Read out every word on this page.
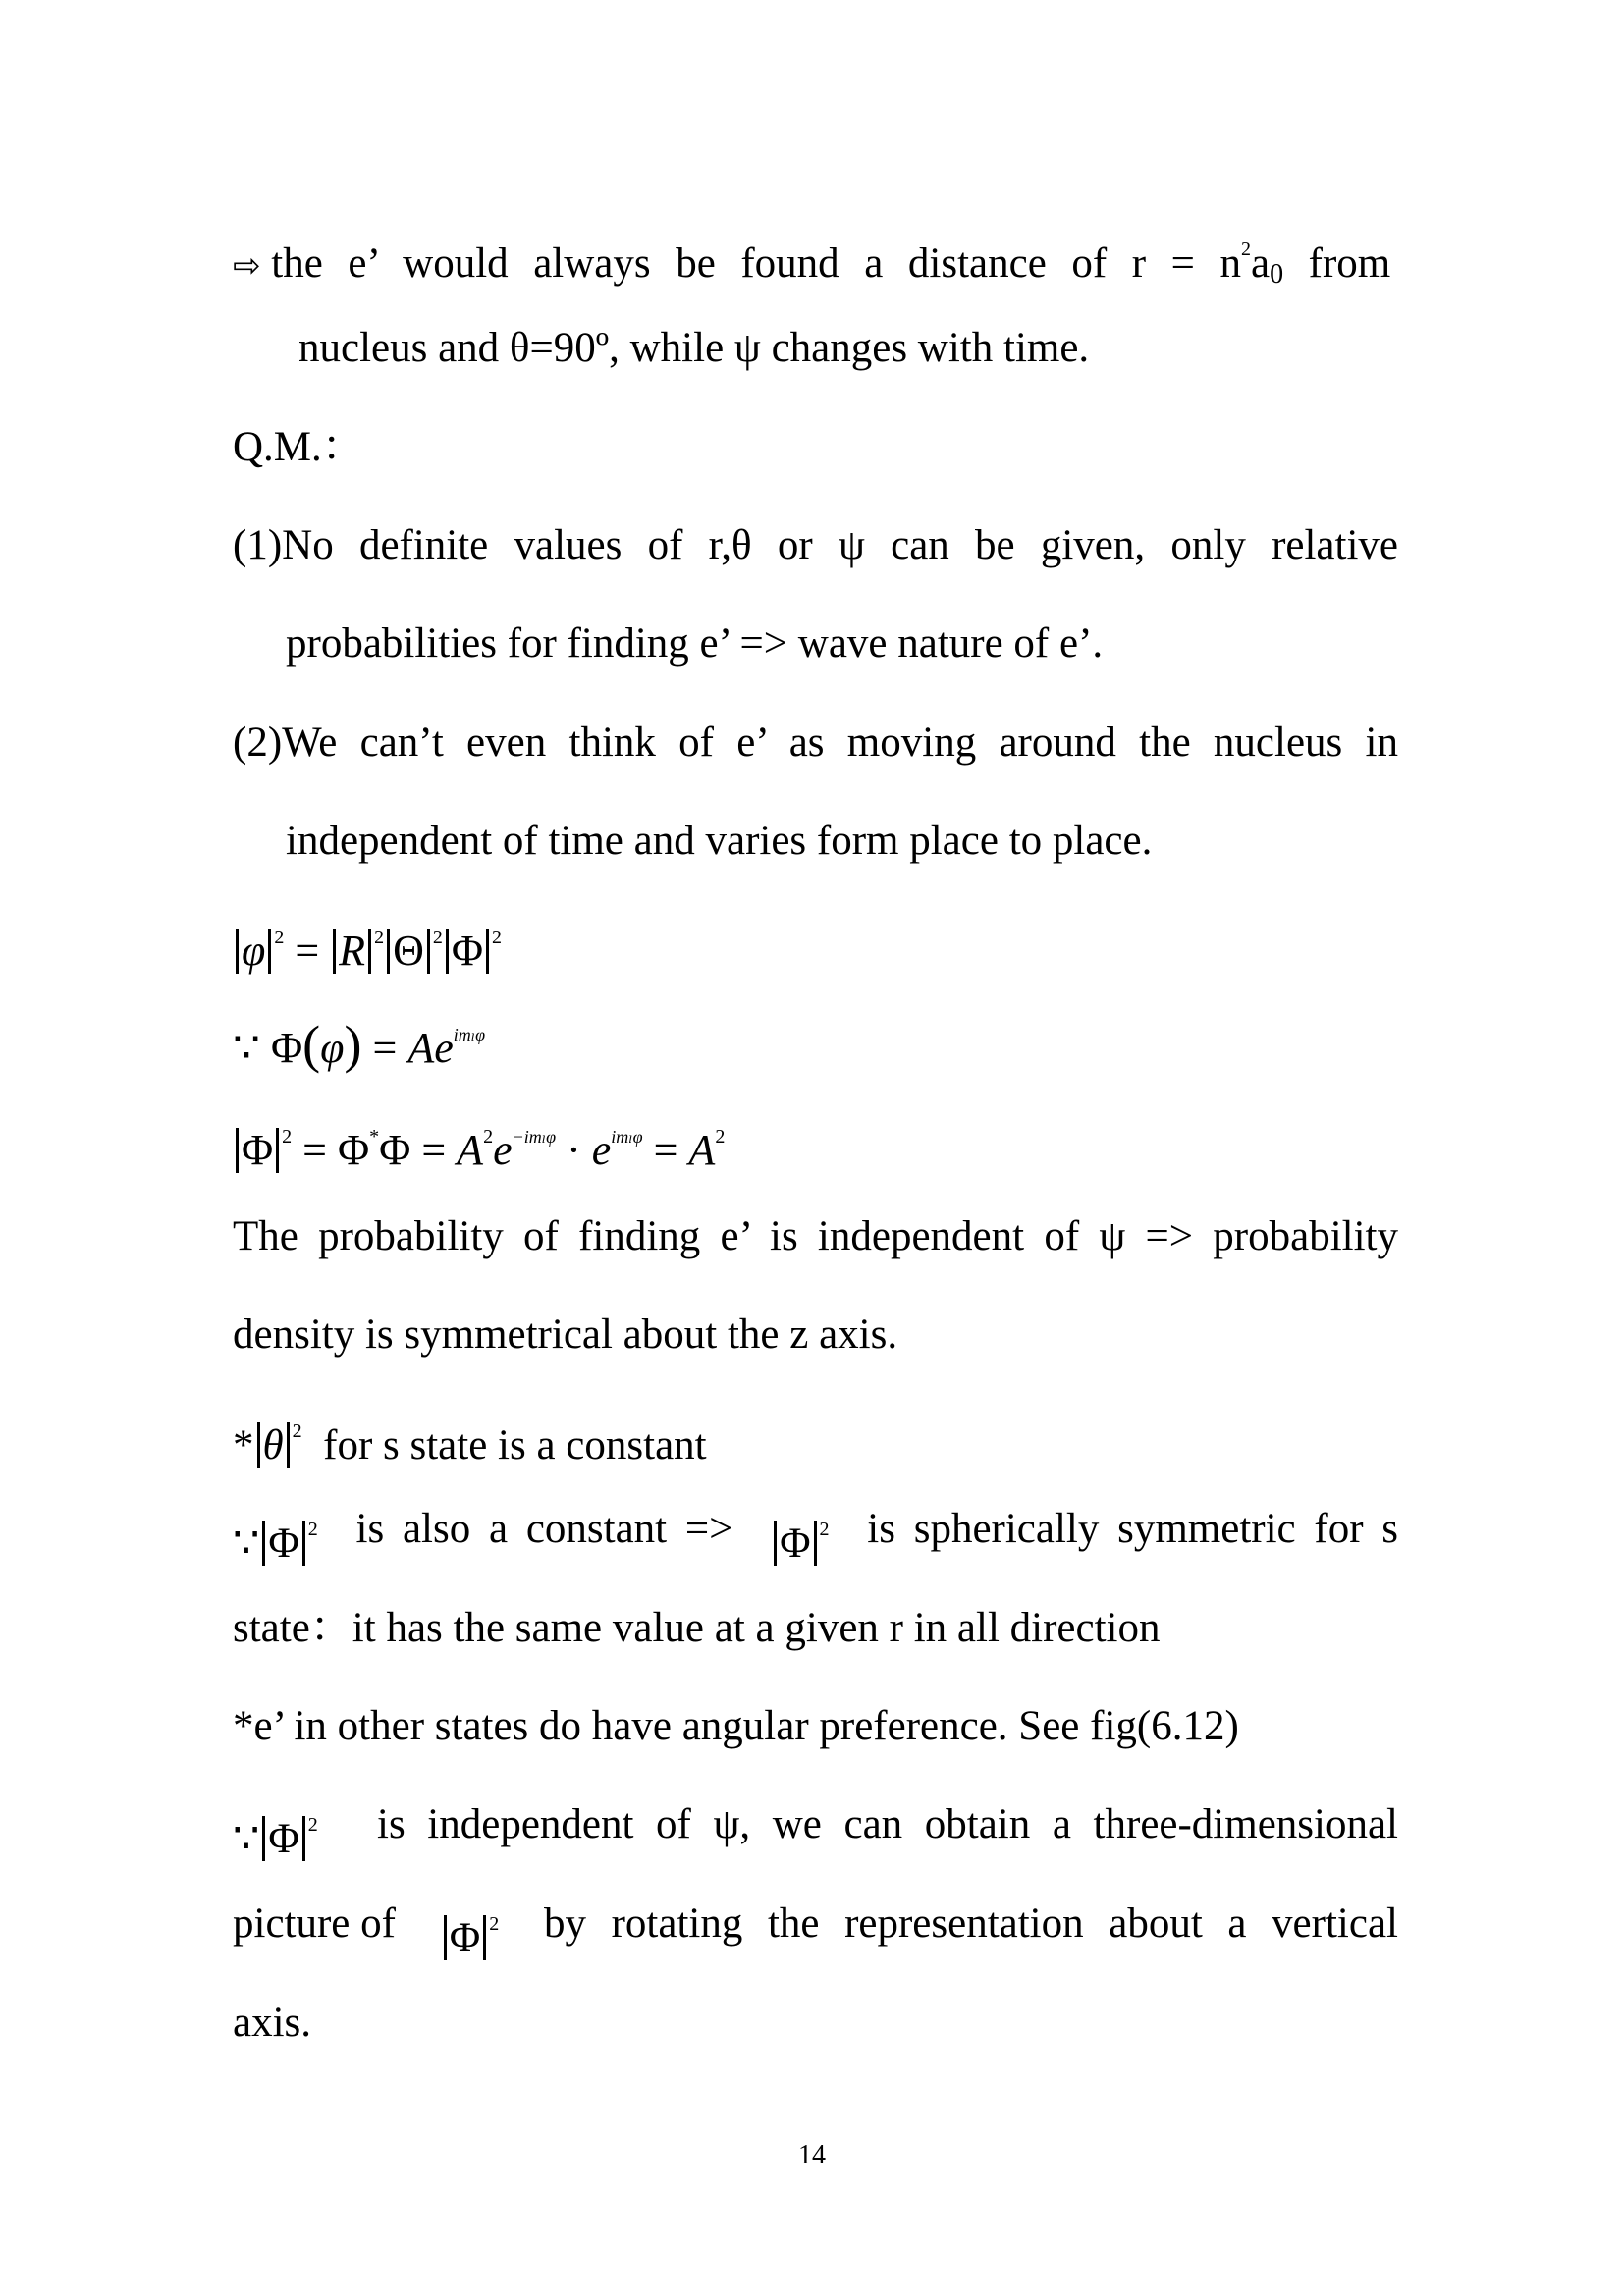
⇨ the e’ would always be found a distance of $r = n^2a0$ from
nucleus and θ=90º, while ψ changes with time.
Q.M.：
(1)No definite values of r,θ or ψ can be given, only relative
probabilities for finding e’ => wave nature of e’.
(2)We can’t even think of e’ as moving around the nucleus in
independent of time and varies form place to place.
φ $^2$ = R $^2$ Θ $^2$ Φ $^2$
∵ $\Phi(\varphi) = Ae^{im_l\varphi}$
Φ $^2 = \Phi^*\Phi = A^2e^{-im_l\varphi} \cdot e^{im_l\varphi} = A^2$
The probability of finding e’ is independent of ψ => probability
density is symmetrical about the z axis.
* θ $^2$ for s state is a constant
∵ Φ $^2$ is also a constant => Φ $^2$ is spherically symmetric for s
state：it has the same value at a given r in all direction
*e’ in other states do have angular preference. See fig(6.12)
∵ Φ $^2$ is independent of ψ, we can obtain a three-dimensional
picture of Φ $^2$ by rotating the representation about a vertical
axis.
14
